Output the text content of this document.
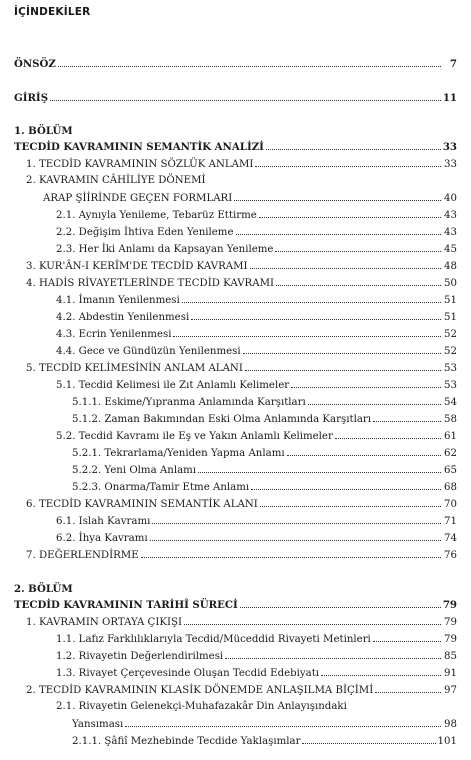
İÇİNDEKİLER
ÖNSÖZ	7
GİRİŞ	11
1. BÖLÜM
TECDİD KAVRAMININ SEMANTİK ANALİZİ	33
1. TECDİD KAVRAMININ SÖZLÜK ANLAMI	33
2. KAVRAMIN CÂHİLİYE DÖNEMİ
ARAP ŞİİRİNDE GEÇEN FORMLARI	40
2.1. Aynıyla Yenileme, Tebarüz Ettirme	43
2.2. Değişim İhtiva Eden Yenileme	43
2.3. Her İki Anlamı da Kapsayan Yenileme	45
3. KUR'ÂN-I KERÎM'DE TECDİD KAVRAMI	48
4. HADİS RİVAYETLERİNDE TECDİD KAVRAMI	50
4.1. İmanın Yenilenmesi	51
4.2. Abdestin Yenilenmesi	51
4.3. Ecrin Yenilenmesi	52
4.4. Gece ve Gündüzün Yenilenmesi	52
5. TECDİD KELİMESİNİN ANLAM ALANI	53
5.1. Tecdid Kelimesi ile Zıt Anlamlı Kelimeler	53
5.1.1. Eskime/Yıpranma Anlamında Karşıtları	54
5.1.2. Zaman Bakımından Eski Olma Anlamında Karşıtları	58
5.2. Tecdid Kavramı ile Eş ve Yakın Anlamlı Kelimeler	61
5.2.1. Tekrarlama/Yeniden Yapma Anlamı	62
5.2.2. Yeni Olma Anlamı	65
5.2.3. Onarma/Tamir Etme Anlamı	68
6. TECDİD KAVRAMININ SEMANTİK ALANI	70
6.1. Islah Kavramı	71
6.2. İhya Kavramı	74
7. DEĞERLENDİRME	76
2. BÖLÜM
TECDİD KAVRAMININ TARİHÎ SÜRECİ	79
1. KAVRAMIN ORTAYA ÇIKIŞI	79
1.1. Lafız Farklılıklarıyla Tecdid/Müceddid Rivayeti Metinleri	79
1.2. Rivayetin Değerlendirilmesi	85
1.3. Rivayet Çerçevesinde Oluşan Tecdid Edebiyatı	91
2. TECDİD KAVRAMININ KLASİK DÖNEMDE ANLAŞILMA BİÇİMİ	97
2.1. Rivayetin Gelenekçi-Muhafazakâr Din Anlayışındaki
Yansıması	98
2.1.1. Şâfiî Mezhebinde Tecdide Yaklaşımlar	101
